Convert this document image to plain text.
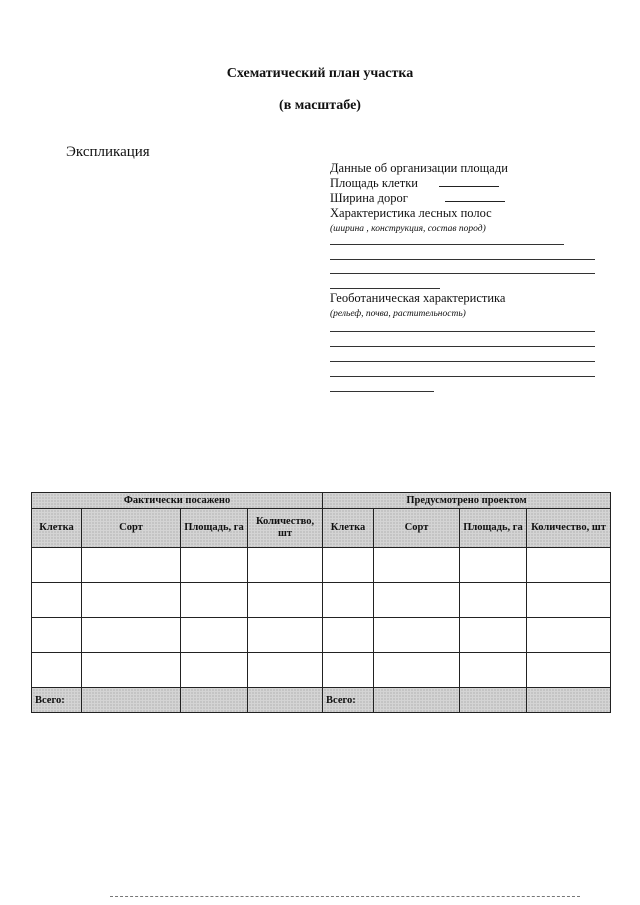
Схематический план участка
(в масштабе)
Экспликация
Данные об организации площади
Площадь клетки
Ширина дорог
Характеристика лесных полос
(ширина , конструкция, состав пород)
Геоботаническая характеристика
(рельеф, почва, растительность)
Фактически посажено				Предусмотрено проектом			
Клетка	Сорт	Площадь, га	Количество, шт	Клетка	Сорт	Площадь, га	Количество, шт

Всего:				Всего:			
